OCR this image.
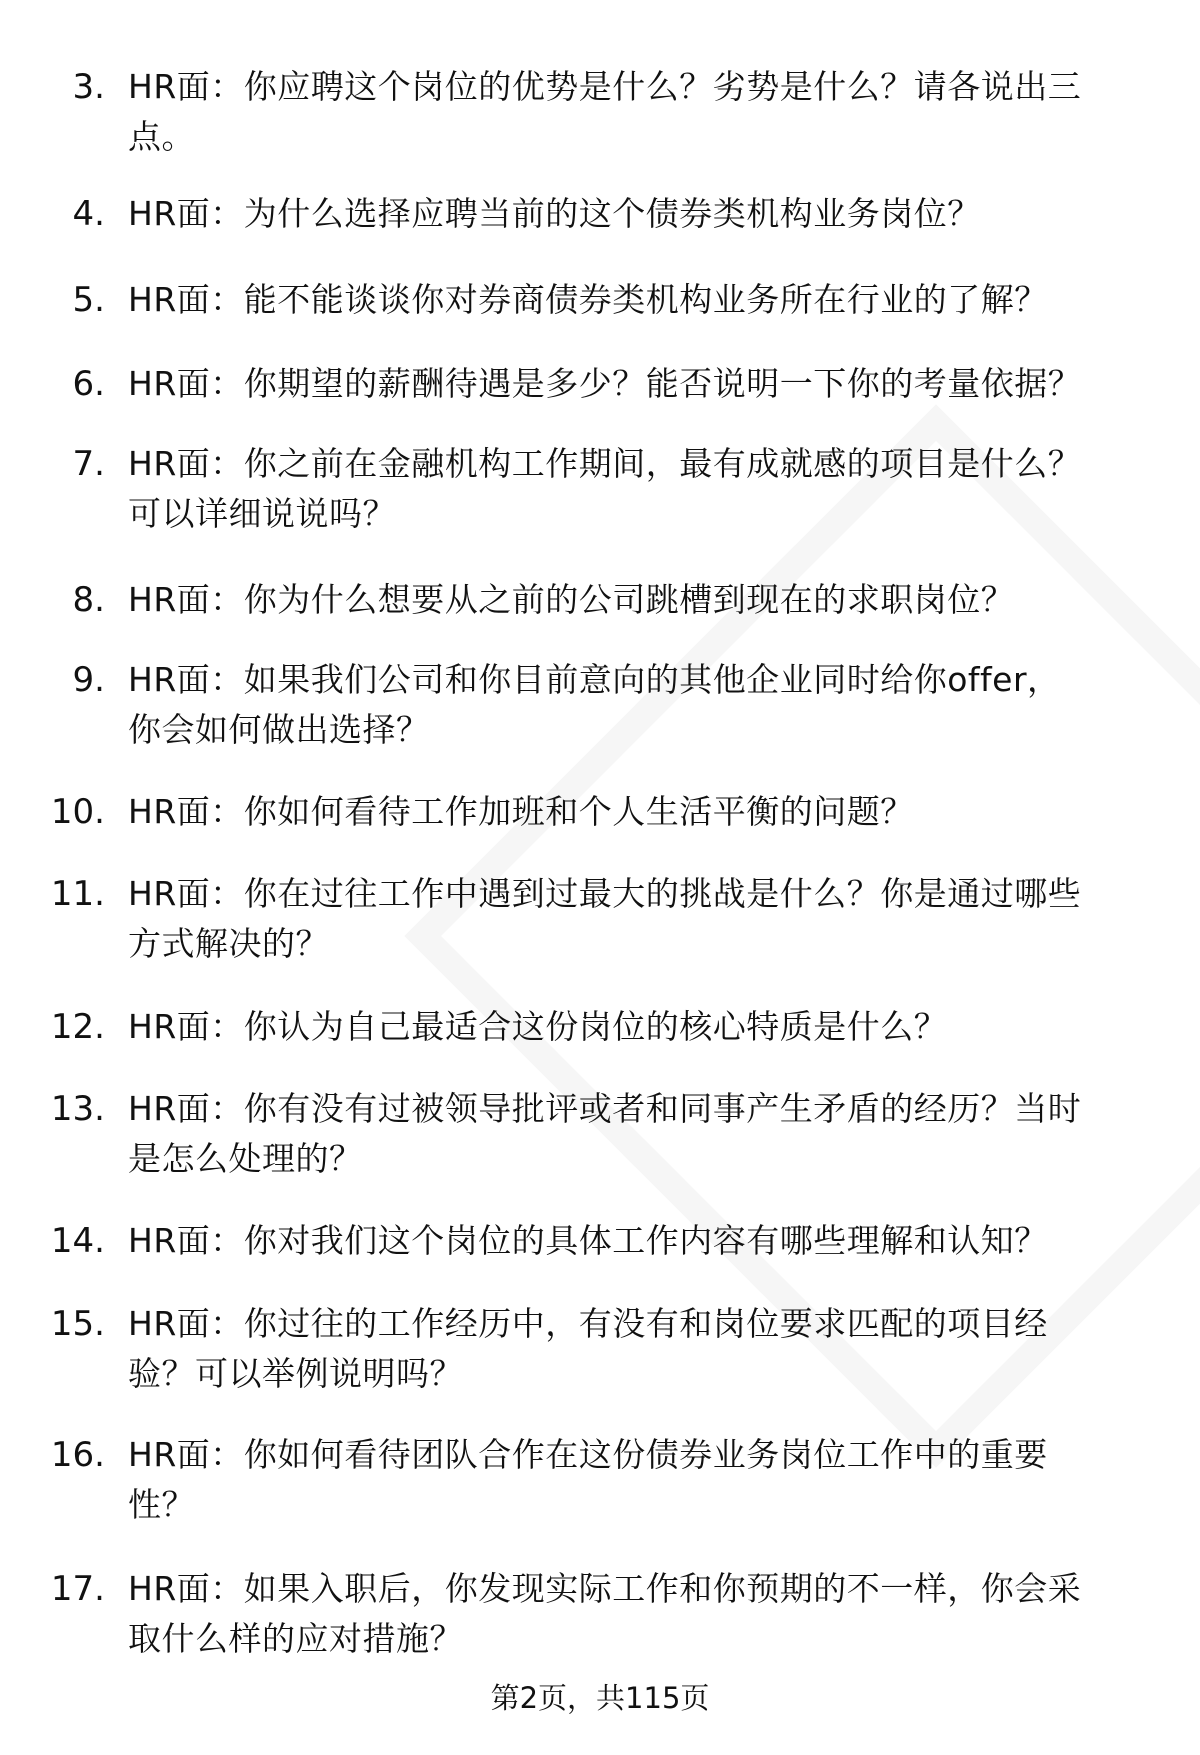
3. HR面：你应聘这个岗位的优势是什么？劣势是什么？请各说出三
点。
4. HR面：为什么选择应聘当前的这个债券类机构业务岗位？
5. HR面：能不能谈谈你对券商债券类机构业务所在行业的了解？
6. HR面：你期望的薪酬待遇是多少？能否说明一下你的考量依据？
7. HR面：你之前在金融机构工作期间，最有成就感的项目是什么？
可以详细说说吗？
8. HR面：你为什么想要从之前的公司跳槽到现在的求职岗位？
9. HR面：如果我们公司和你目前意向的其他企业同时给你offer，
你会如何做出选择？
10. HR面：你如何看待工作加班和个人生活平衡的问题？
11. HR面：你在过往工作中遇到过最大的挑战是什么？你是通过哪些
方式解决的？
12. HR面：你认为自己最适合这份岗位的核心特质是什么？
13. HR面：你有没有过被领导批评或者和同事产生矛盾的经历？当时
是怎么处理的？
14. HR面：你对我们这个岗位的具体工作内容有哪些理解和认知？
15. HR面：你过往的工作经历中，有没有和岗位要求匹配的项目经
验？可以举例说明吗？
16. HR面：你如何看待团队合作在这份债券业务岗位工作中的重要
性？
17. HR面：如果入职后，你发现实际工作和你预期的不一样，你会采
取什么样的应对措施？
第2页，共115页
